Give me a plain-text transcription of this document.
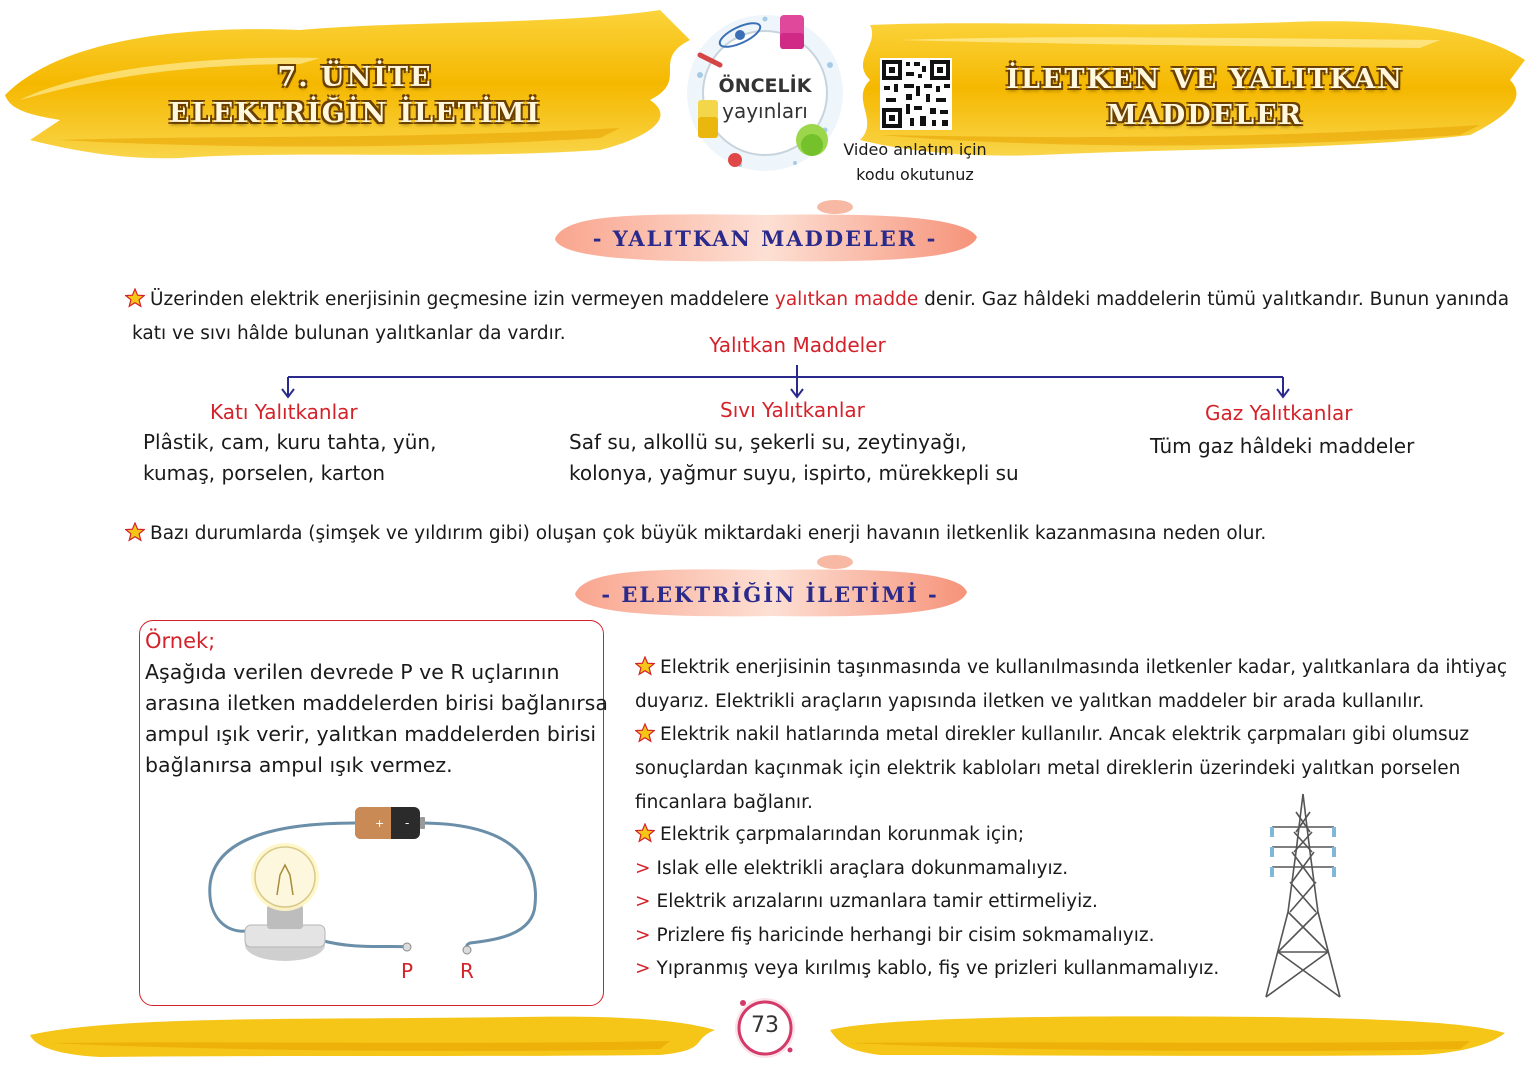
7. ÜNİTE
ELEKTRİĞİN İLETİMİ
İLETKEN VE YALITKAN
MADDELER
ÖNCELİK
yayınları
Video anlatım için
kodu okutunuz
- YALITKAN MADDELER -
Üzerinden elektrik enerjisinin geçmesine izin vermeyen maddelere yalıtkan madde denir. Gaz hâldeki maddelerin tümü yalıtkandır. Bunun yanında
katı ve sıvı hâlde bulunan yalıtkanlar da vardır.	Yalıtkan Maddeler
Katı Yalıtkanlar
Plâstik, cam, kuru tahta, yün,
kumaş, porselen, karton
Sıvı Yalıtkanlar
Saf su, alkollü su, şekerli su, zeytinyağı,
kolonya, yağmur suyu, ispirto, mürekkepli su
Gaz Yalıtkanlar
Tüm gaz hâldeki maddeler
Bazı durumlarda (şimşek ve yıldırım gibi) oluşan çok büyük miktardaki enerji havanın iletkenlik kazanmasına neden olur.
- ELEKTRİĞİN İLETİMİ -
Örnek;
Aşağıda verilen devrede P ve R uçlarının
arasına iletken maddelerden birisi bağlanırsa
ampul ışık verir, yalıtkan maddelerden birisi
bağlanırsa ampul ışık vermez.
+ -
P R
Elektrik enerjisinin taşınmasında ve kullanılmasında iletkenler kadar, yalıtkanlara da ihtiyaç
duyarız. Elektrikli araçların yapısında iletken ve yalıtkan maddeler bir arada kullanılır.
Elektrik nakil hatlarında metal direkler kullanılır. Ancak elektrik çarpmaları gibi olumsuz
sonuçlardan kaçınmak için elektrik kabloları metal direklerin üzerindeki yalıtkan porselen
fincanlara bağlanır.
Elektrik çarpmalarından korunmak için;
> Islak elle elektrikli araçlara dokunmamalıyız.
> Elektrik arızalarını uzmanlara tamir ettirmeliyiz.
> Prizlere fiş haricinde herhangi bir cisim sokmamalıyız.
> Yıpranmış veya kırılmış kablo, fiş ve prizleri kullanmamalıyız.
73
